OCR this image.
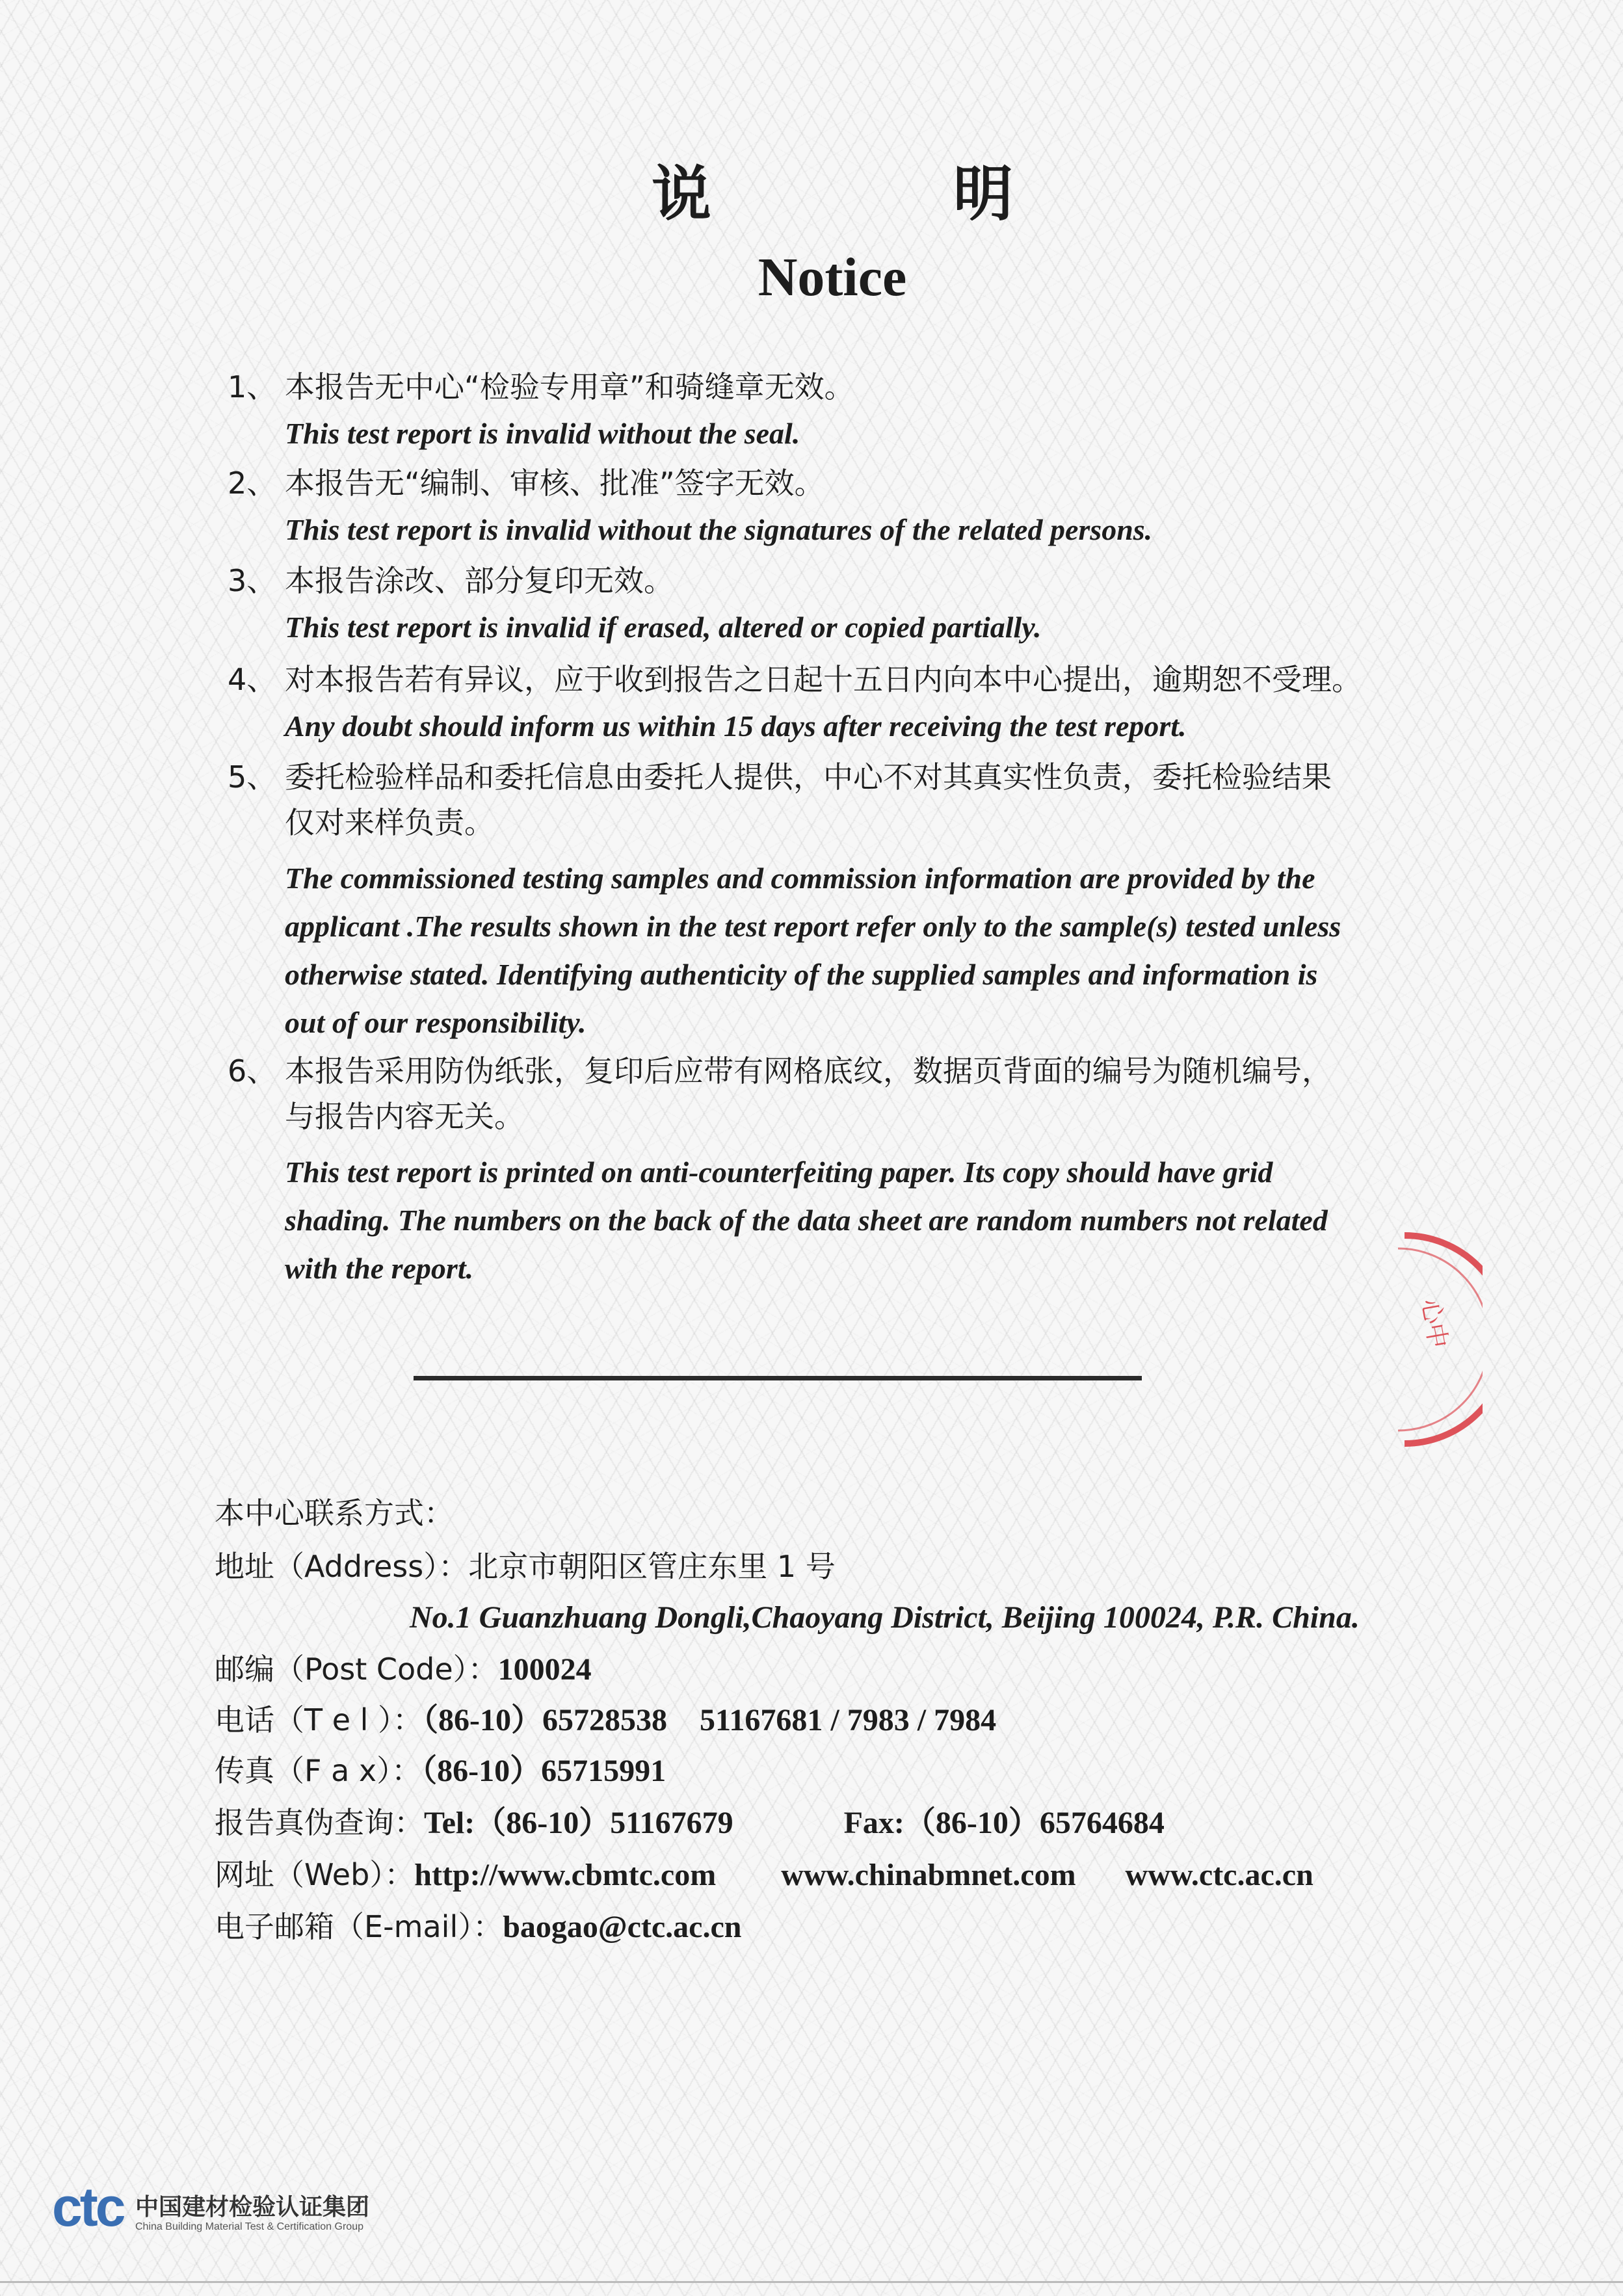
说 明
Notice
1、 本报告无中心“检验专用章”和骑缝章无效。
This test report is invalid without the seal.
2、 本报告无“编制、审核、批准”签字无效。
This test report is invalid without the signatures of the related persons.
3、 本报告涂改、部分复印无效。
This test report is invalid if erased, altered or copied partially.
4、 对本报告若有异议，应于收到报告之日起十五日内向本中心提出，逾期恕不受理。
Any doubt should inform us within 15 days after receiving the test report.
5、 委托检验样品和委托信息由委托人提供，中心不对其真实性负责，委托检验结果
仅对来样负责。
The commissioned testing samples and commission information are provided by the
applicant .The results shown in the test report refer only to the sample(s) tested unless
otherwise stated. Identifying authenticity of the supplied samples and information is
out of our responsibility.
6、 本报告采用防伪纸张，复印后应带有网格底纹，数据页背面的编号为随机编号，
与报告内容无关。
This test report is printed on anti-counterfeiting paper. Its copy should have grid
shading. The numbers on the back of the data sheet are random numbers not related
with the report.
心中
本中心联系方式：
地址（Address）：北京市朝阳区管庄东里 1 号
No.1 Guanzhuang Dongli,Chaoyang District, Beijing 100024, P.R. China.
邮编（Post Code）：100024
电话（T e l ）：（86-10）65728538 51167681 / 7983 / 7984
传真（F a x）：（86-10）65715991
报告真伪查询：Tel:（86-10）51167679	Fax:（86-10）65764684
网址（Web）：http://www.cbmtc.com www.chinabmnet.com www.ctc.ac.cn
电子邮箱（E-mail）：baogao@ctc.ac.cn
ctc 中国建材检验认证集团
China Building Material Test & Certification Group
